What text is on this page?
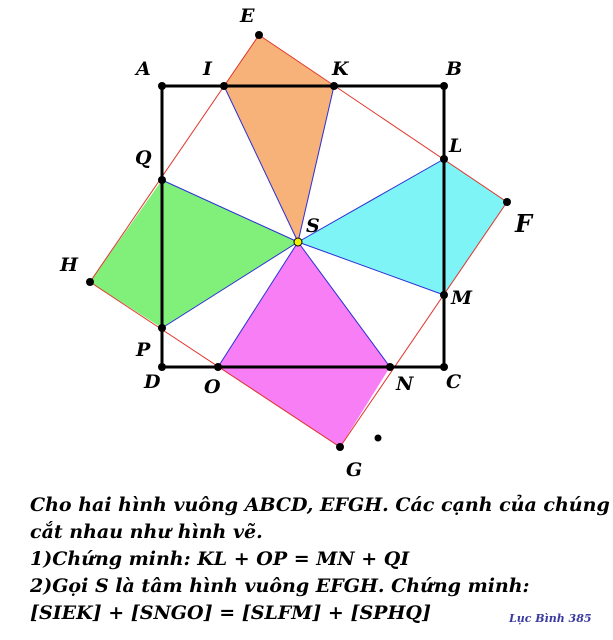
A	I	K	B
E
L
F
Q
S
H
M
P
D O	N C
G
Cho hai hình vuông ABCD, EFGH. Các cạnh của chúng
cắt nhau như hình vẽ.
1)Chứng minh: KL + OP = MN + QI
2)Gọi S là tâm hình vuông EFGH. Chứng minh:
[SIEK] + [SNGO] = [SLFM] + [SPHQ]	Lục Bình 385
